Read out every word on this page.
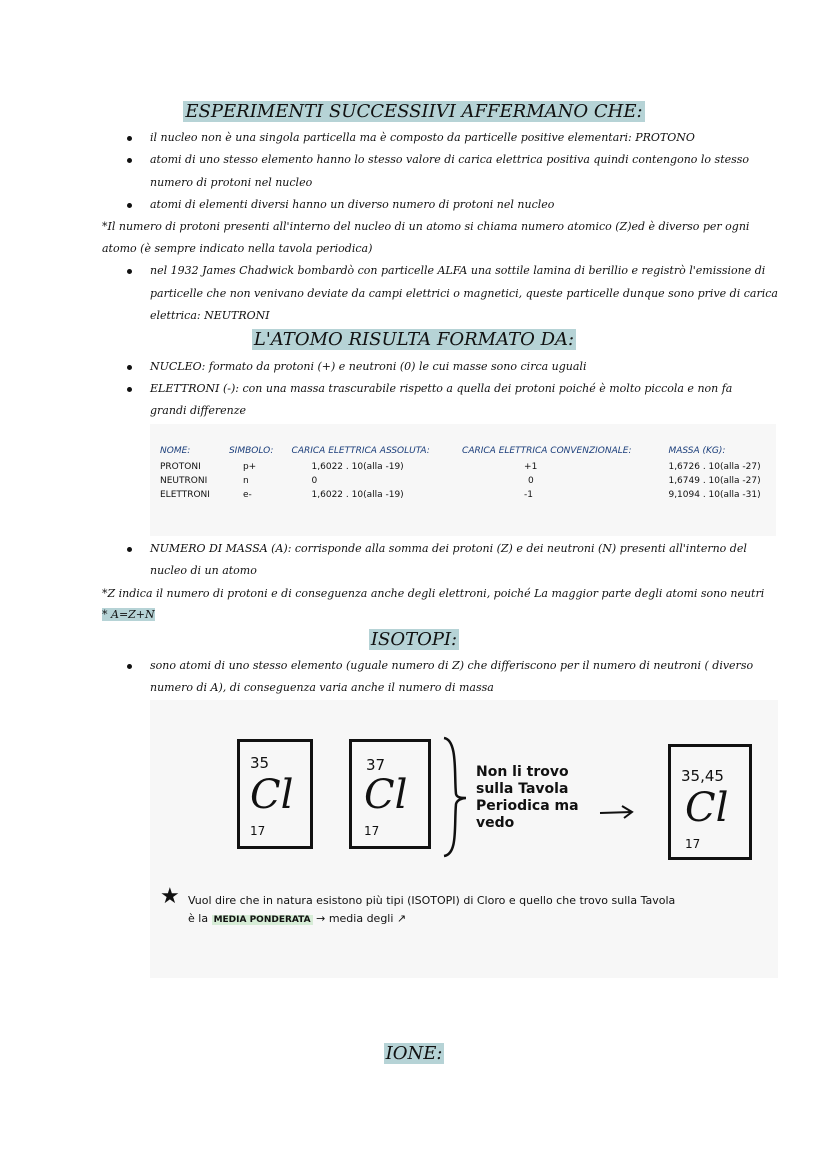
ESPERIMENTI SUCCESSIIVI AFFERMANO CHE:
il nucleo non è una singola particella ma è composto da particelle positive elementari: PROTONO
atomi di uno stesso elemento hanno lo stesso valore di carica elettrica positiva quindi contengono lo stesso
numero di protoni nel nucleo
atomi di elementi diversi hanno un diverso numero di protoni nel nucleo
*Il numero di protoni presenti all'interno del nucleo di un atomo si chiama numero atomico (Z)ed è diverso per ogni
atomo (è sempre indicato nella tavola periodica)
nel 1932 James Chadwick bombardò con particelle ALFA una sottile lamina di berillio e registrò l'emissione di
particelle che non venivano deviate da campi elettrici o magnetici, queste particelle dunque sono prive di carica
elettrica: NEUTRONI
L'ATOMO RISULTA FORMATO DA:
NUCLEO: formato da protoni (+) e neutroni (0) le cui masse sono circa uguali
ELETTRONI (-): con una massa trascurabile rispetto a quella dei protoni poiché è molto piccola e non fa
grandi differenze
NOME:	SIMBOLO:	CARICA ELETTRICA ASSOLUTA:	CARICA ELETTRICA CONVENZIONALE:	MASSA (KG):
PROTONI	p+	1,6022 . 10(alla -19)	+1	1,6726 . 10(alla -27)
NEUTRONI	n	0	0	1,6749 . 10(alla -27)
ELETTRONI	e-	1,6022 . 10(alla -19)	-1	9,1094 . 10(alla -31)

NUMERO DI MASSA (A): corrisponde alla somma dei protoni (Z) e dei neutroni (N) presenti all'interno del
nucleo di un atomo
*Z indica il numero di protoni e di conseguenza anche degli elettroni, poiché La maggior parte degli atomi sono neutri
* A=Z+N
ISOTOPI:
sono atomi di uno stesso elemento (uguale numero di Z) che differiscono per il numero di neutroni ( diverso
numero di A), di conseguenza varia anche il numero di massa
35
Cl
17
37
Cl
17
Non li trovo
sulla Tavola
Periodica ma
vedo
35,45
Cl
17
★ Vuol dire che in natura esistono più tipi (ISOTOPI) di Cloro e quello che trovo sulla Tavola
è la MEDIA PONDERATA → media degli ↗
IONE:
